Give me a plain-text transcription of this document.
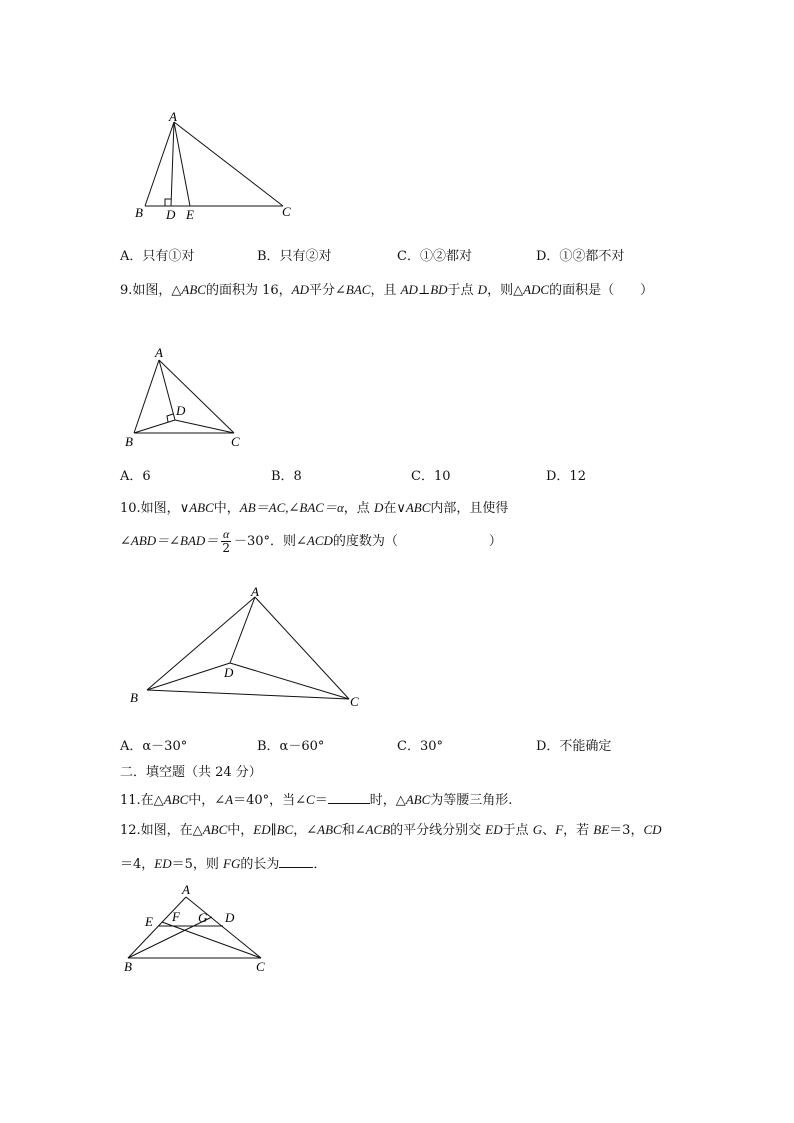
A
B D E	C
A．只有①对	B．只有②对	C．①②都对	D．①②都不对
9.如图，△ABC的面积为 16，AD平分∠BAC，且 AD⊥BD于点 D，则△ADC的面积是（　　）
A
D
B	C
A．6	B．8	C．10	D．12
10.如图，∨ABC中，AB＝AC,∠BAC＝α，点 D在∨ABC内部，且使得
∠ABD＝∠BAD＝ $\frac{\alpha}{2} -30^\circ$．则∠ACD的度数为（　　　　　　　）
A
D
B	C
A．α－30°	B．α－60°	C．30°	D．不能确定
二．填空题（共 24 分）
11.在△ABC中，∠A＝40°，当∠C＝	时，△ABC为等腰三角形.
12.如图，在△ABC中，ED∥BC，∠ABC和∠ACB的平分线分别交 ED于点 G、F，若 BE＝3，CD
＝4，ED＝5，则 FG的长为	．
A
E F G D
B	C
